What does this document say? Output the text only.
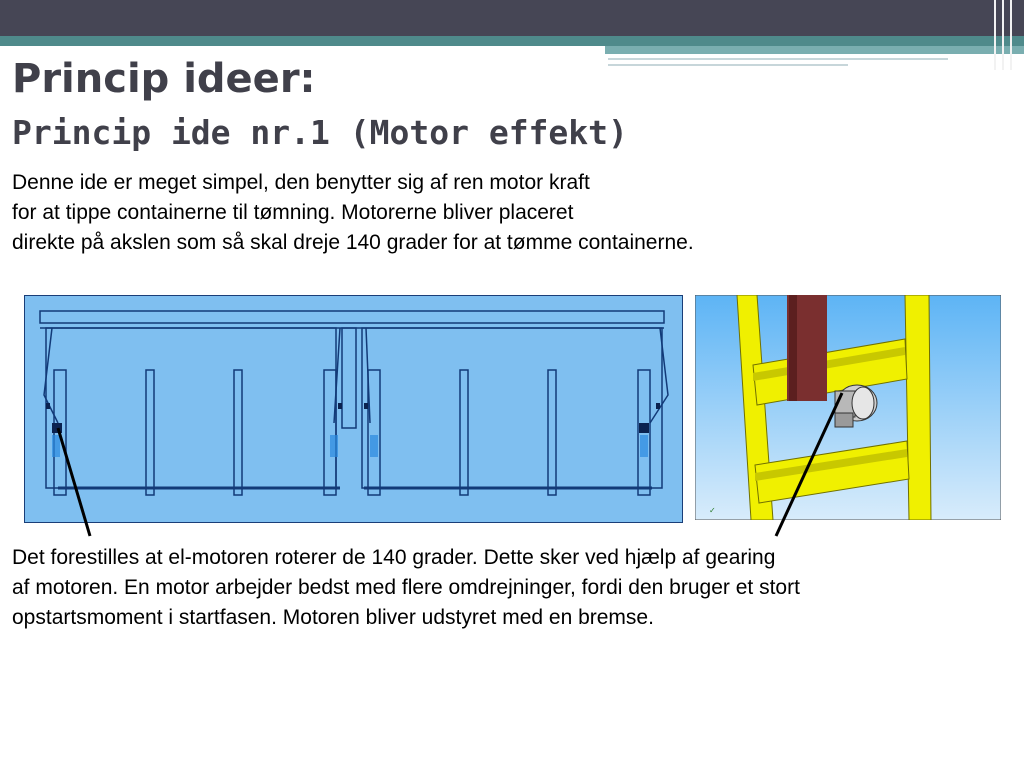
Princip ideer:
Princip ide nr.1 (Motor effekt)

Denne ide er meget simpel, den benytter sig af ren motor kraft
for at tippe containerne til tømning. Motorerne bliver placeret
direkte på akslen som så skal dreje 140 grader for at tømme containerne.

✓

Det forestilles at el-motoren roterer de 140 grader. Dette sker ved hjælp af gearing
af motoren. En motor arbejder bedst med flere omdrejninger, fordi den bruger et stort
opstartsmoment i startfasen. Motoren bliver udstyret med en bremse.
